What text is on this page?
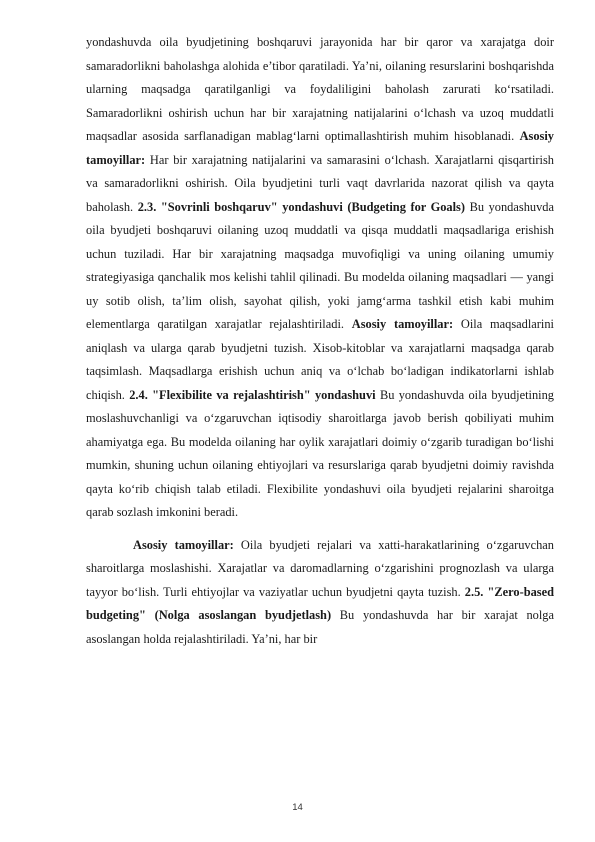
yondashuvda oila byudjetining boshqaruvi jarayonida har bir qaror va xarajatga doir samaradorlikni baholashga alohida e’tibor qaratiladi. Ya’ni, oilaning resurslarini boshqarishda ularning maqsadga qaratilganligi va foydaliligini baholash zarurati ko‘rsatiladi. Samaradorlikni oshirish uchun har bir xarajatning natijalarini o‘lchash va uzoq muddatli maqsadlar asosida sarflanadigan mablag‘larni optimallashtirish muhim hisoblanadi. Asosiy tamoyillar: Har bir xarajatning natijalarini va samarasini o‘lchash. Xarajatlarni qisqartirish va samaradorlikni oshirish. Oila byudjetini turli vaqt davrlarida nazorat qilish va qayta baholash. 2.3. "Sovrinli boshqaruv" yondashuvi (Budgeting for Goals) Bu yondashuvda oila byudjeti boshqaruvi oilaning uzoq muddatli va qisqa muddatli maqsadlariga erishish uchun tuziladi. Har bir xarajatning maqsadga muvofiqligi va uning oilaning umumiy strategiyasiga qanchalik mos kelishi tahlil qilinadi. Bu modelda oilaning maqsadlari — yangi uy sotib olish, ta’lim olish, sayohat qilish, yoki jamg‘arma tashkil etish kabi muhim elementlarga qaratilgan xarajatlar rejalashtiriladi. Asosiy tamoyillar: Oila maqsadlarini aniqlash va ularga qarab byudjetni tuzish. Xisob-kitoblar va xarajatlarni maqsadga qarab taqsimlash. Maqsadlarga erishish uchun aniq va o‘lchab bo‘ladigan indikatorlarni ishlab chiqish. 2.4. "Flexibilite va rejalashtirish" yondashuvi Bu yondashuvda oila byudjetining moslashuvchanligi va o‘zgaruvchan iqtisodiy sharoitlarga javob berish qobiliyati muhim ahamiyatga ega. Bu modelda oilaning har oylik xarajatlari doimiy o‘zgarib turadigan bo‘lishi mumkin, shuning uchun oilaning ehtiyojlari va resurslariga qarab byudjetni doimiy ravishda qayta ko‘rib chiqish talab etiladi. Flexibilite yondashuvi oila byudjeti rejalarini sharoitga qarab sozlash imkonini beradi.

Asosiy tamoyillar: Oila byudjeti rejalari va xatti-harakatlarining o‘zgaruvchan sharoitlarga moslashishi. Xarajatlar va daromadlarning o‘zgarishini prognozlash va ularga tayyor bo‘lish. Turli ehtiyojlar va vaziyatlar uchun byudjetni qayta tuzish. 2.5. "Zero-based budgeting" (Nolga asoslangan byudjetlash) Bu yondashuvda har bir xarajat nolga asoslangan holda rejalashtiriladi. Ya’ni, har bir

14
